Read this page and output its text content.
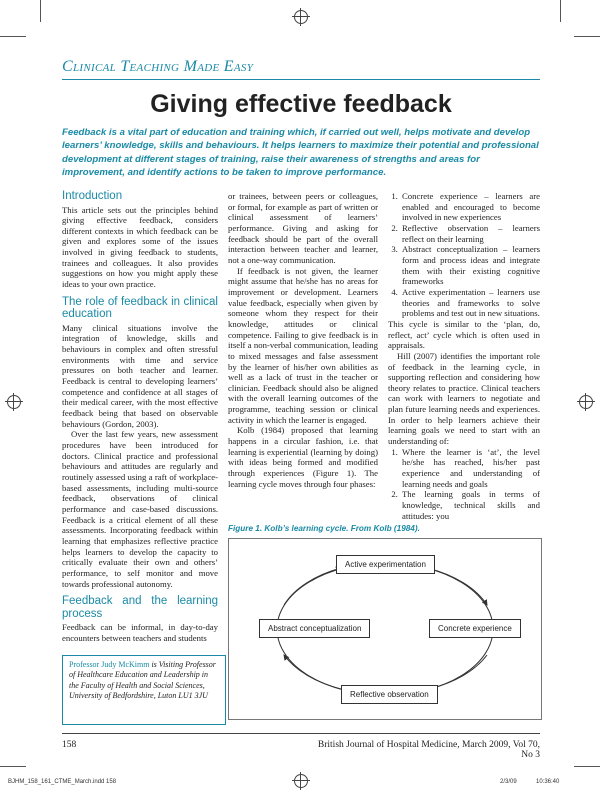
Clinical Teaching Made Easy
Giving effective feedback
Feedback is a vital part of education and training which, if carried out well, helps motivate and develop learners’ knowledge, skills and behaviours. It helps learners to maximize their potential and professional development at different stages of training, raise their awareness of strengths and areas for improvement, and identify actions to be taken to improve performance.
Introduction

This article sets out the principles behind giving effective feedback, considers different contexts in which feedback can be given and explores some of the issues involved in giving feedback to students, trainees and colleagues. It also provides suggestions on how you might apply these ideas to your own practice.

The role of feedback in clinical education

Many clinical situations involve the integration of knowledge, skills and behaviours in complex and often stressful environments with time and service pressures on both teacher and learner. Feedback is central to developing learners’ competence and confidence at all stages of their medical career, with the most effective feedback being that based on observable behaviours (Gordon, 2003).

Over the last few years, new assessment procedures have been introduced for doctors. Clinical practice and professional behaviours and attitudes are regularly and routinely assessed using a raft of workplace-based assessments, including multi-source feedback, observations of clinical performance and case-based discussions. Feedback is a critical element of all these assessments. Incorporating feedback within learning that emphasizes reflective practice helps learners to develop the capacity to critically evaluate their own and others’ performance, to self monitor and move towards professional autonomy.

Feedback and the learning process

Feedback can be informal, in day-to-day encounters between teachers and students

Professor Judy McKimm is Visiting Professor of Healthcare Education and Leadership in the Faculty of Health and Social Sciences, University of Bedfordshire, Luton LU1 3JU

or trainees, between peers or colleagues, or formal, for example as part of written or clinical assessment of learners’ performance. Giving and asking for feedback should be part of the overall interaction between teacher and learner, not a one-way communication.

If feedback is not given, the learner might assume that he/she has no areas for improvement or development. Learners value feedback, especially when given by someone whom they respect for their knowledge, attitudes or clinical competence. Failing to give feedback is in itself a non-verbal communication, leading to mixed messages and false assessment by the learner of his/her own abilities as well as a lack of trust in the teacher or clinician. Feedback should also be aligned with the overall learning outcomes of the programme, teaching session or clinical activity in which the learner is engaged.

Kolb (1984) proposed that learning happens in a circular fashion, i.e. that learning is experiential (learning by doing) with ideas being formed and modified through experiences (Figure 1). The learning cycle moves through four phases:

1. Concrete experience – learners are enabled and encouraged to become involved in new experiences
2. Reflective observation – learners reflect on their learning
3. Abstract conceptualization – learners form and process ideas and integrate them with their existing cognitive frameworks
4. Active experimentation – learners use theories and frameworks to solve problems and test out in new situations.

This cycle is similar to the ‘plan, do, reflect, act’ cycle which is often used in appraisals.

Hill (2007) identifies the important role of feedback in the learning cycle, in supporting reflection and considering how theory relates to practice. Clinical teachers can work with learners to negotiate and plan future learning needs and experiences. In order to help learners achieve their learning goals we need to start with an understanding of:

1. Where the learner is ‘at’, the level he/she has reached, his/her past experience and understanding of learning needs and goals
2. The learning goals in terms of knowledge, technical skills and attitudes: you
Figure 1. Kolb’s learning cycle. From Kolb (1984).
Active experimentation
Concrete experience
Reflective observation
Abstract conceptualization
158	British Journal of Hospital Medicine, March 2009, Vol 70, No 3
BJHM_158_161_CTME_March.indd 158	2/3/09	10:36:40
